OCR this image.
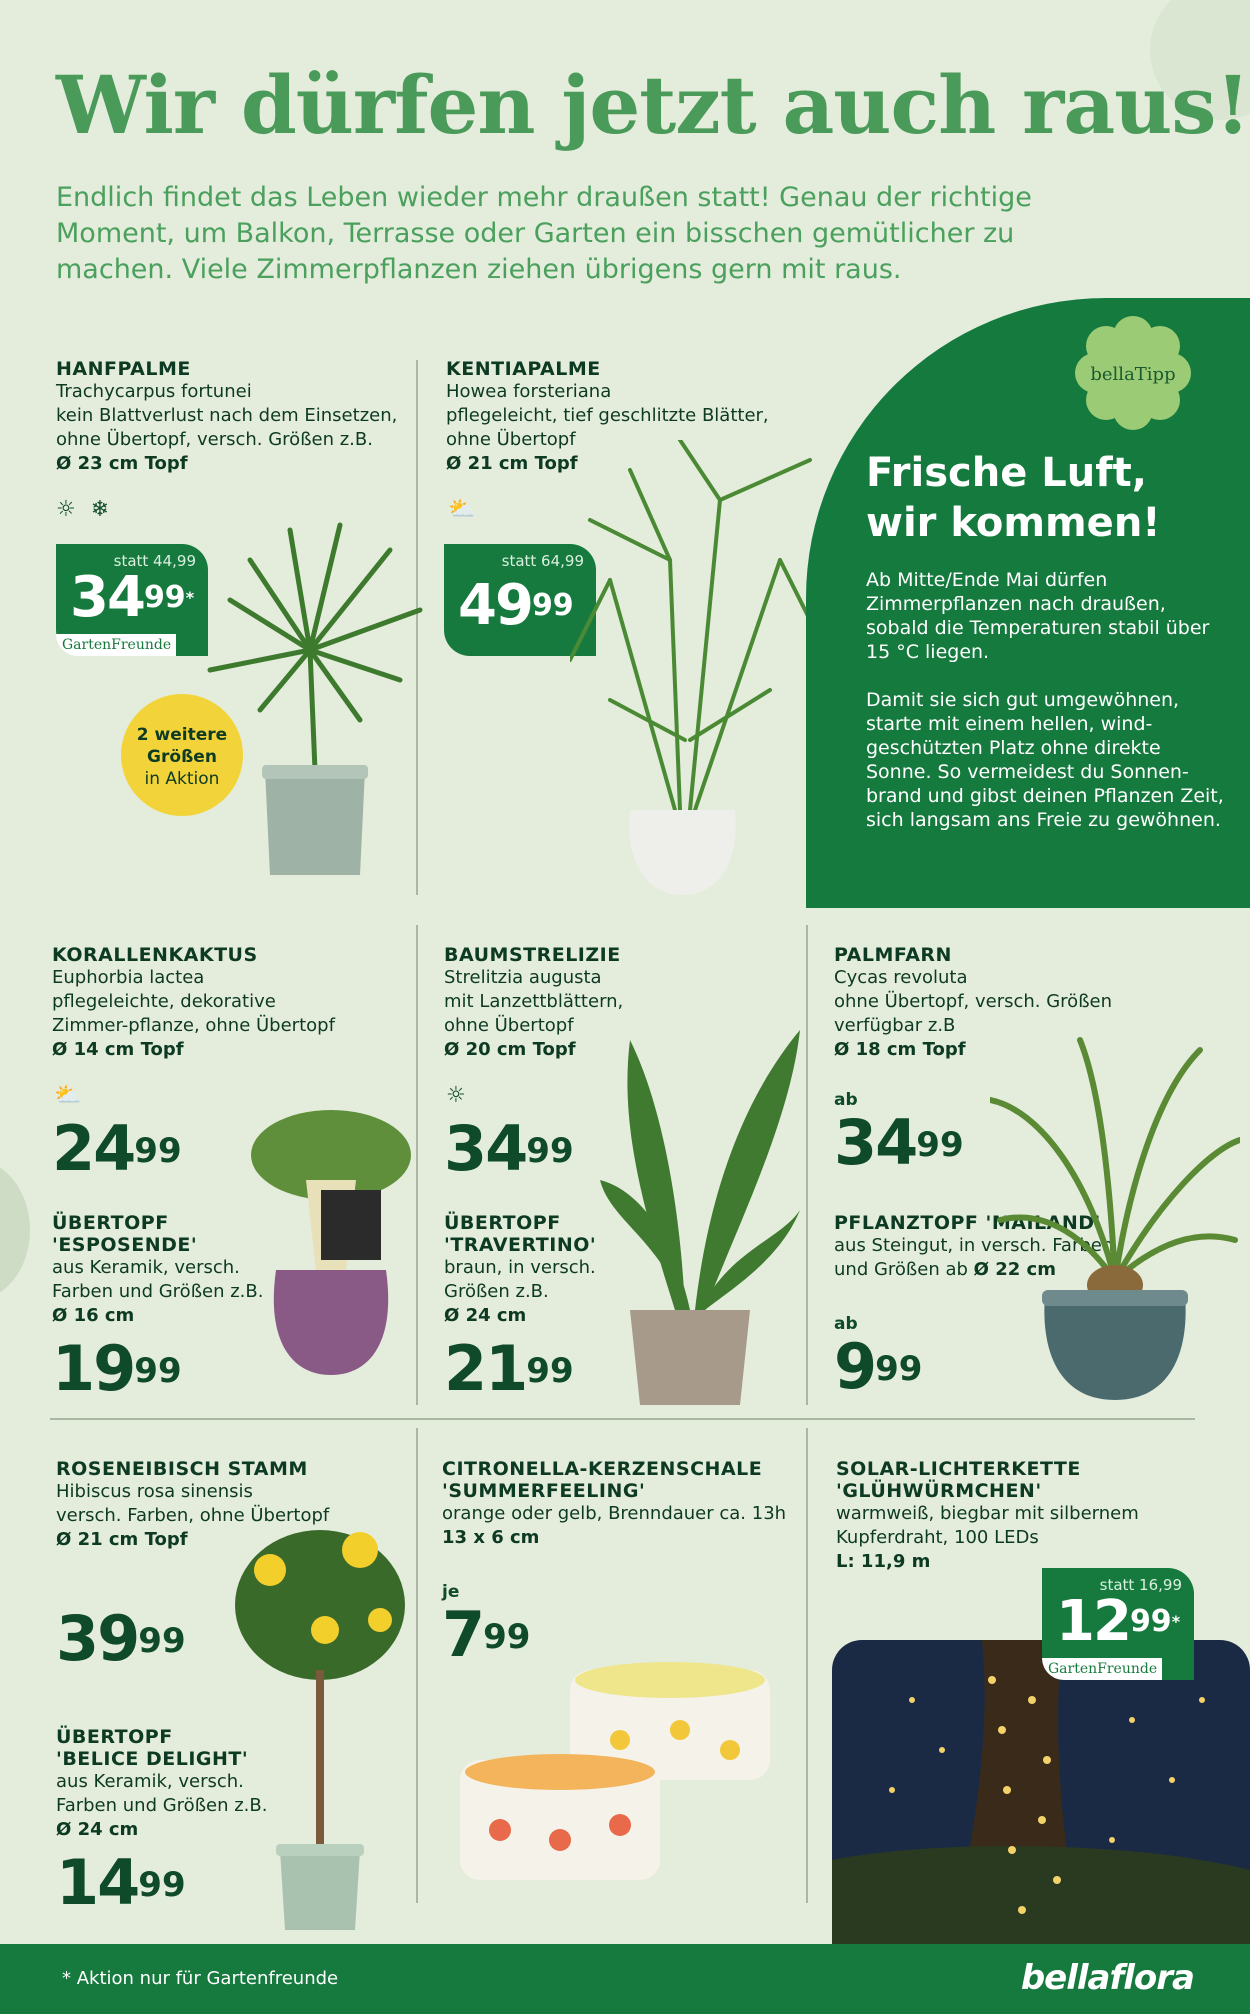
Wir dürfen jetzt auch raus!

Endlich findet das Leben wieder mehr draußen statt! Genau der richtige Moment, um Balkon, Terrasse oder Garten ein bisschen gemütlicher zu machen. Viele Zimmerpflanzen ziehen übrigens gern mit raus.

HANFPALME
Trachycarpus fortunei
kein Blattverlust nach dem Einsetzen, ohne Übertopf, versch. Größen z.B.
Ø 23 cm Topf
☼ ❄
statt 44,99
$34^{99*}$
GartenFreunde
2 weitere
Größen
in Aktion
KENTIAPALME
Howea forsteriana
pflegeleicht, tief geschlitzte Blätter, ohne Übertopf
Ø 21 cm Topf
⛅
statt 64,99
$49^{99}$
Frische Luft,
wir kommen!
Ab Mitte/Ende Mai dürfen Zimmerpflanzen nach draußen, sobald die Temperaturen stabil über 15 °C liegen.
Damit sie sich gut umgewöhnen, starte mit einem hellen, wind-geschützten Platz ohne direkte Sonne. So vermeidest du Sonnen-brand und gibst deinen Pflanzen Zeit, sich langsam ans Freie zu gewöhnen.
bellaTipp
KORALLENKAKTUS
Euphorbia lactea
pflegeleichte, dekorative Zimmer-pflanze, ohne Übertopf
Ø 14 cm Topf
⛅
$24^{99}$
ÜBERTOPF 'ESPOSENDE'
aus Keramik, versch. Farben und Größen z.B.
Ø 16 cm
$19^{99}$
BAUMSTRELIZIE
Strelitzia augusta
mit Lanzettblättern, ohne Übertopf
Ø 20 cm Topf
☼
$34^{99}$
ÜBERTOPF
'TRAVERTINO'
braun, in versch. Größen z.B.
Ø 24 cm
$21^{99}$
PALMFARN
Cycas revoluta
ohne Übertopf, versch. Größen verfügbar z.B
Ø 18 cm Topf
ab
$34^{99}$
PFLANZTOPF 'MAILAND'
aus Steingut, in versch. Farben und Größen ab Ø 22 cm
ab
$9^{99}$
ROSENEIBISCH STAMM
Hibiscus rosa sinensis
versch. Farben, ohne Übertopf
Ø 21 cm Topf
$39^{99}$
ÜBERTOPF
'BELICE DELIGHT'
aus Keramik, versch. Farben und Größen z.B.
Ø 24 cm
$14^{99}$
CITRONELLA-KERZENSCHALE
'SUMMERFEELING'
orange oder gelb, Brenndauer ca. 13h
13 x 6 cm
je
$7^{99}$
SOLAR-LICHTERKETTE
'GLÜHWÜRMCHEN'
warmweiß, biegbar mit silbernem Kupferdraht, 100 LEDs
L: 11,9 m
statt 16,99
$12^{99*}$
GartenFreunde
* Aktion nur für Gartenfreunde	bellaflora
